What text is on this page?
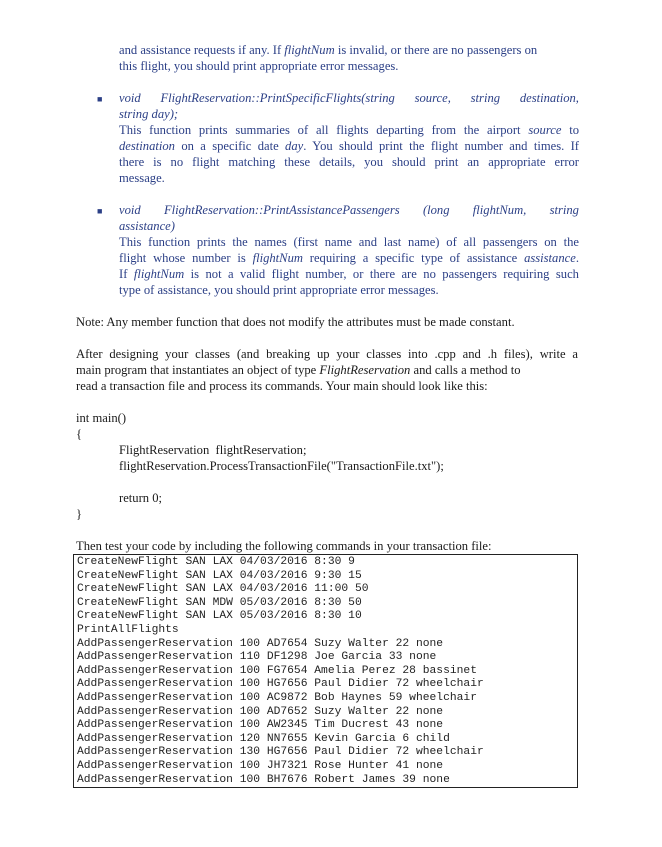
and assistance requests if any. If flightNum is invalid, or there are no passengers on
this flight, you should print appropriate error messages.
■ void FlightReservation::PrintSpecificFlights(string source, string destination,
string day);
This function prints summaries of all flights departing from the airport source to
destination on a specific date day. You should print the flight number and times. If
there is no flight matching these details, you should print an appropriate error
message.
■ void FlightReservation::PrintAssistancePassengers (long flightNum, string
assistance)
This function prints the names (first name and last name) of all passengers on the
flight whose number is flightNum requiring a specific type of assistance assistance.
If flightNum is not a valid flight number, or there are no passengers requiring such
type of assistance, you should print appropriate error messages.
Note: Any member function that does not modify the attributes must be made constant.
After designing your classes (and breaking up your classes into .cpp and .h files), write a
main program that instantiates an object of type FlightReservation and calls a method to
read a transaction file and process its commands. Your main should look like this:
int main()
{
FlightReservation  flightReservation;
flightReservation.ProcessTransactionFile("TransactionFile.txt");
return 0;
}
Then test your code by including the following commands in your transaction file:
CreateNewFlight SAN LAX 04/03/2016 8:30 9
CreateNewFlight SAN LAX 04/03/2016 9:30 15
CreateNewFlight SAN LAX 04/03/2016 11:00 50
CreateNewFlight SAN MDW 05/03/2016 8:30 50
CreateNewFlight SAN LAX 05/03/2016 8:30 10
PrintAllFlights
AddPassengerReservation 100 AD7654 Suzy Walter 22 none
AddPassengerReservation 110 DF1298 Joe Garcia 33 none
AddPassengerReservation 100 FG7654 Amelia Perez 28 bassinet
AddPassengerReservation 100 HG7656 Paul Didier 72 wheelchair
AddPassengerReservation 100 AC9872 Bob Haynes 59 wheelchair
AddPassengerReservation 100 AD7652 Suzy Walter 22 none
AddPassengerReservation 100 AW2345 Tim Ducrest 43 none
AddPassengerReservation 120 NN7655 Kevin Garcia 6 child
AddPassengerReservation 130 HG7656 Paul Didier 72 wheelchair
AddPassengerReservation 100 JH7321 Rose Hunter 41 none
AddPassengerReservation 100 BH7676 Robert James 39 none
